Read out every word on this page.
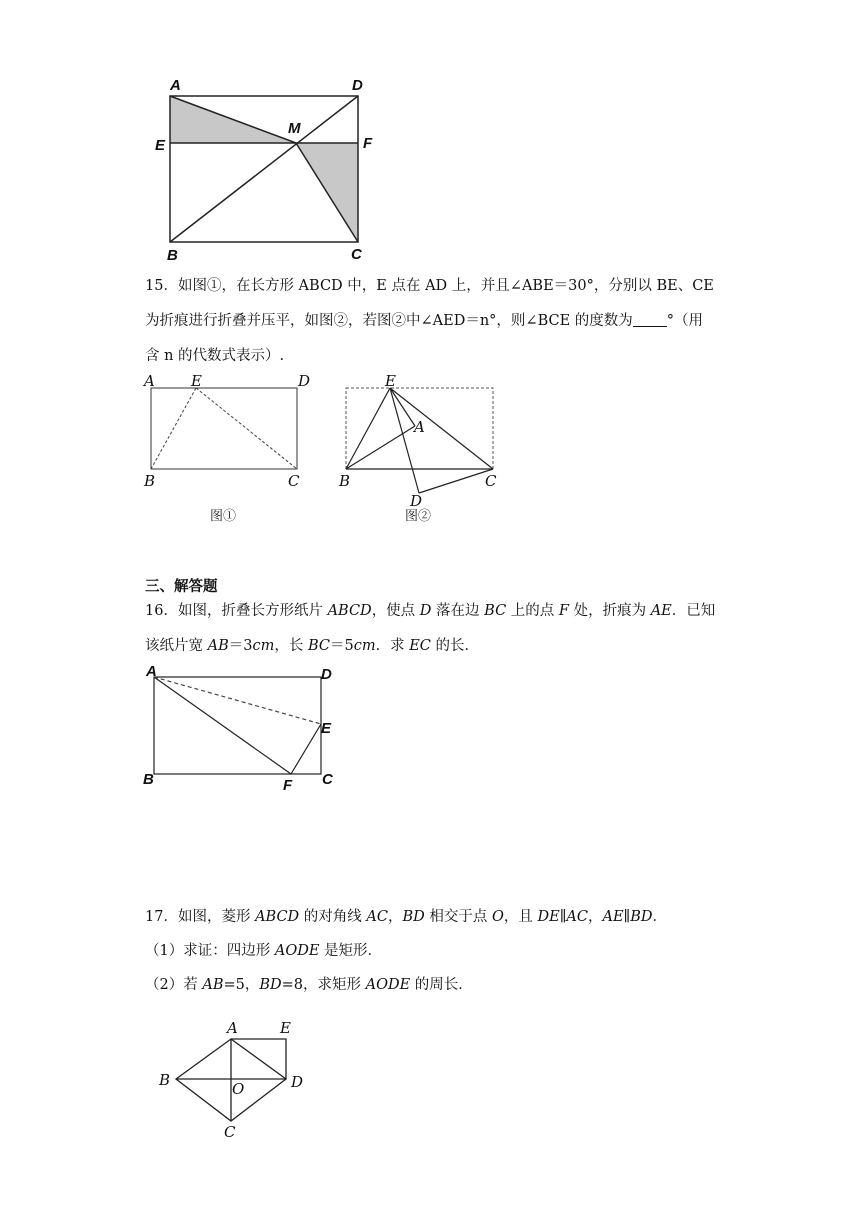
A	D
E	F
M
B	C
15．如图①，在长方形 ABCD 中，E 点在 AD 上，并且∠ABE＝30°，分别以 BE、CE
为折痕进行折叠并压平，如图②，若图②中∠AED＝n°，则∠BCE 的度数为 °（用
含 n 的代数式表示）.
A E	D
B	C
图①
E
A
B	C
D
图②
三、解答题
16．如图，折叠长方形纸片 ABCD，使点 D 落在边 BC 上的点 F 处，折痕为 AE．已知
该纸片宽 AB＝3cm，长 BC＝5cm．求 EC 的长．
A	D
E
B	F C
17．如图，菱形 ABCD 的对角线 AC，BD 相交于点 O，且 DE∥AC，AE∥BD．
（1）求证：四边形 AODE 是矩形．
（2）若 AB=5，BD=8，求矩形 AODE 的周长．
A	E
B	O	D
C
